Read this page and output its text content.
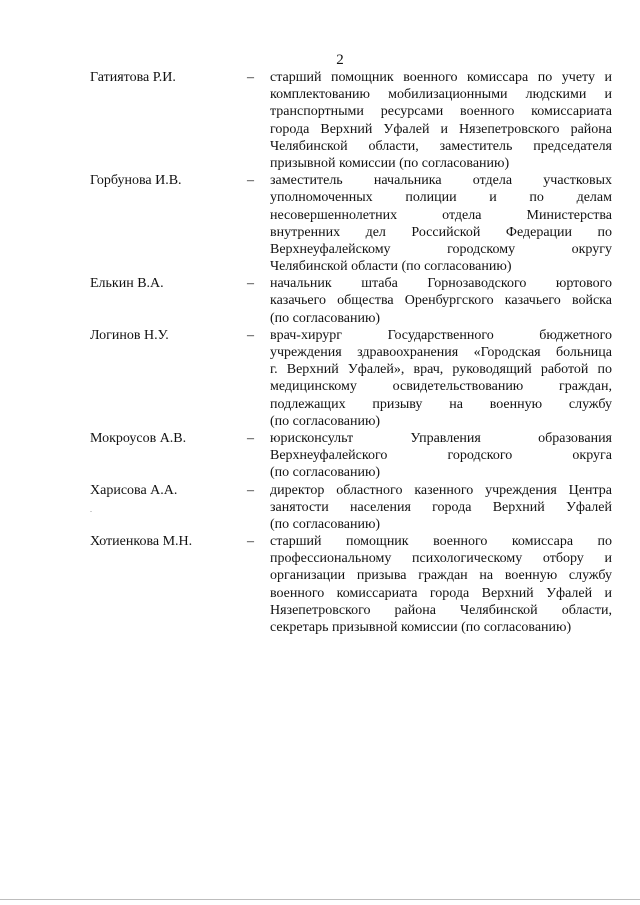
2
Гатиятова Р.И.	– старший помощник военного комиссара по учету и
комплектованию мобилизационными людскими и
транспортными ресурсами военного комиссариата
города Верхний Уфалей и Нязепетровского района
Челябинской области, заместитель председателя
призывной комиссии (по согласованию)
Горбунова И.В.	– заместитель начальника отдела участковых
уполномоченных полиции и по делам
несовершеннолетних отдела Министерства
внутренних дел Российской Федерации по
Верхнеуфалейскому городскому округу
Челябинской области (по согласованию)
Елькин В.А.	– начальник штаба Горнозаводского юртового
казачьего общества Оренбургского казачьего войска
(по согласованию)
Логинов Н.У.	– врач-хирург Государственного бюджетного
учреждения здравоохранения «Городская больница
г. Верхний Уфалей», врач, руководящий работой по
медицинскому освидетельствованию граждан,
подлежащих призыву на военную службу
(по согласованию)
Мокроусов А.В.	– юрисконсульт Управления образования
Верхнеуфалейского городского округа
(по согласованию)
Харисова А.А.	– директор областного казенного учреждения Центра
занятости населения города Верхний Уфалей
(по согласованию)
Хотиенкова М.Н.	– старший помощник военного комиссара по
профессиональному психологическому отбору и
организации призыва граждан на военную службу
военного комиссариата города Верхний Уфалей и
Нязепетровского района Челябинской области,
секретарь призывной комиссии (по согласованию)
